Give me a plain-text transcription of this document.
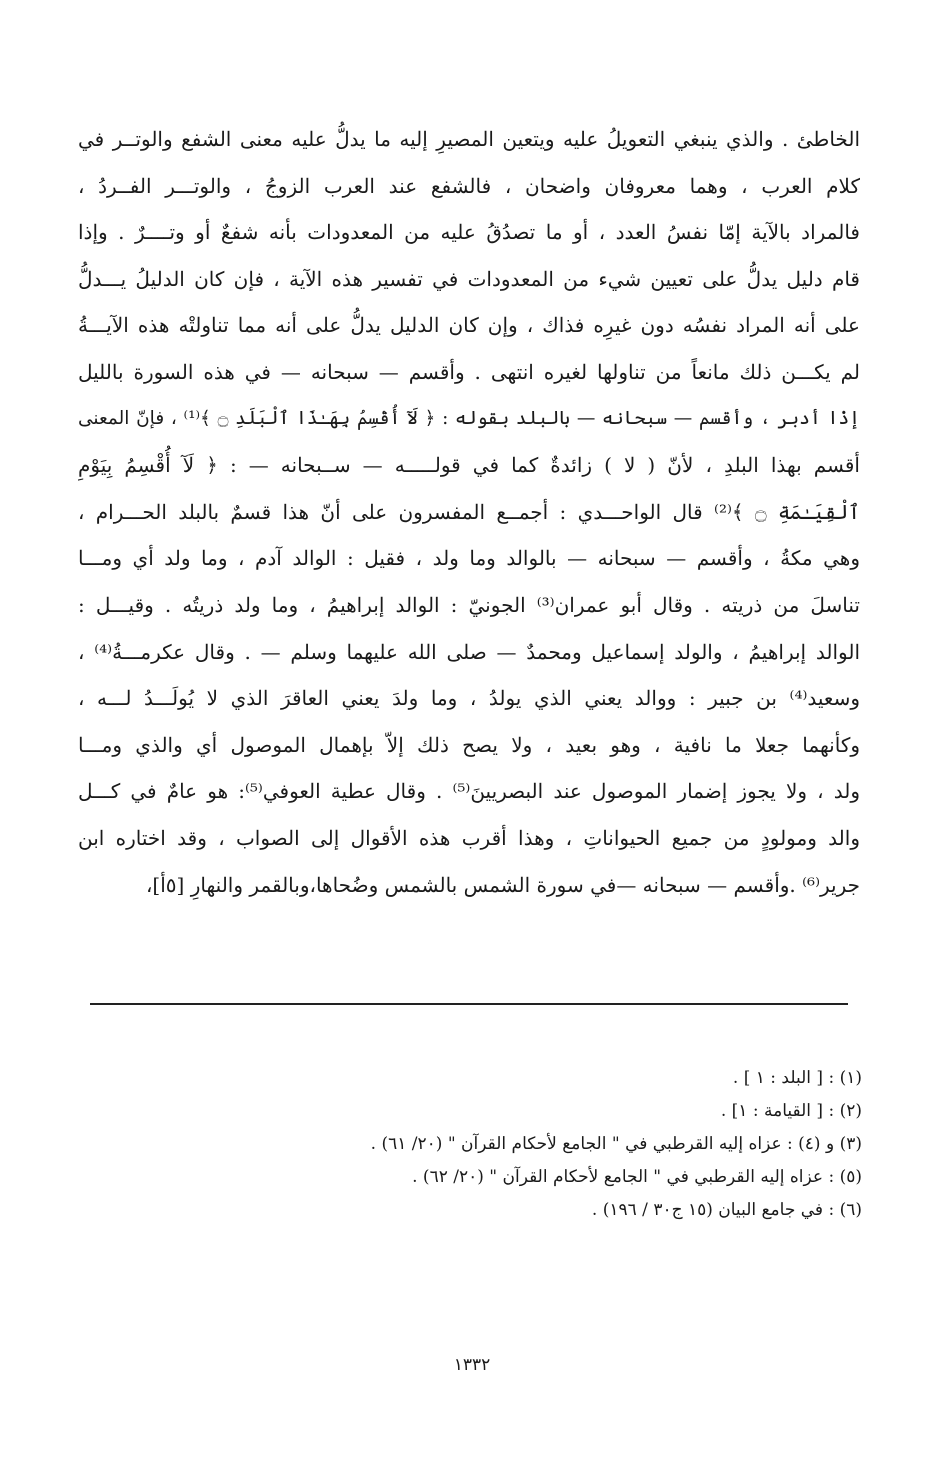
الخاطئ . والذي ينبغي التعويلُ عليه ويتعين المصيرِ إليه ما يدلُّ عليه معنى الشفع والوتــر في
كلام العرب ، وهما معروفان واضحان ، فالشفع عند العرب الزوجُ ، والوتـــر الفــردُ ،
فالمراد بالآية إمّا نفسُ العدد ، أو ما تصدُقُ عليه من المعدودات بأنه شفعٌ أو وتــــرٌ . وإذا
قام دليل يدلُّ على تعيين شيء من المعدودات في تفسير هذه الآية ، فإن كان الدليلُ يـــدلُّ
على أنه المراد نفسُه دون غيرِه فذاك ، وإن كان الدليل يدلُّ على أنه مما تناولتْه هذه الآيـــةُ
لم يكـــن ذلك مانعاً من تناولها لغيره انتهى . وأقسم — سبحانه — في هذه السورة بالليل
إذْا أدبر ، وأقسم — سبحانه — بالبلد بقوله : ﴿ لَآ أُقْسِمُ بِهَـٰذَا ٱلْبَلَدِ ۝ ﴾⁽¹⁾ ، فإنّ المعنى
أقسم بهذا البلدِ ، لأنّ ( لا ) زائدةٌ كما في قولـــــه — ســبحانه — : ﴿ لَآ أُقْسِمُ بِيَوْمِ
ٱلْقِيَـٰمَةِ ۝ ﴾⁽²⁾ قال الواحـــدي : أجمــع المفسرون على أنّ هذا قسمٌ بالبلد الحـــرام ،
وهي مكةُ ، وأقسم — سبحانه — بالوالد وما ولد ، فقيل : الوالد آدم ، وما ولد أي ومـــا
تناسلَ من ذريته . وقال أبو عمران⁽³⁾ الجونيّ : الوالد إبراهيمُ ، وما ولد ذريتُه . وقيـــل :
الوالد إبراهيمُ ، والولد إسماعيل ومحمدٌ — صلى الله عليهما وسلم — . وقال عكرمـــةُ⁽⁴⁾ ،
وسعيد⁽⁴⁾ بن جبير : ووالد يعني الذي يولدُ ، وما ولدَ يعني العاقرَ الذي لا يُولَـــدُ لـــه ،
وكأنهما جعلا ما نافية ، وهو بعيد ، ولا يصح ذلك إلاّ بإهمال الموصول أي والذي ومـــا
ولد ، ولا يجوز إضمار الموصول عند البصريينَ⁽⁵⁾ . وقال عطية العوفي⁽⁵⁾: هو عامٌ في كـــل
والد ومولودٍ من جميع الحيواناتِ ، وهذا أقرب هذه الأقوال إلى الصواب ، وقد اختاره ابن
جرير⁽⁶⁾ .وأقسم — سبحانه —في سورة الشمس بالشمس وضُحاها،وبالقمر والنهارِ [٥أ]،
(١) : [ البلد : ١ ] .
(٢) : [ القيامة : ١] .
(٣) و (٤) : عزاه إليه القرطبي في " الجامع لأحكام القرآن " (٢٠/ ٦١) .
(٥) : عزاه إليه القرطبي في " الجامع لأحكام القرآن " (٢٠/ ٦٢) .
(٦) : في جامع البيان (١٥ ج٣٠ / ١٩٦) .
١٣٣٢
